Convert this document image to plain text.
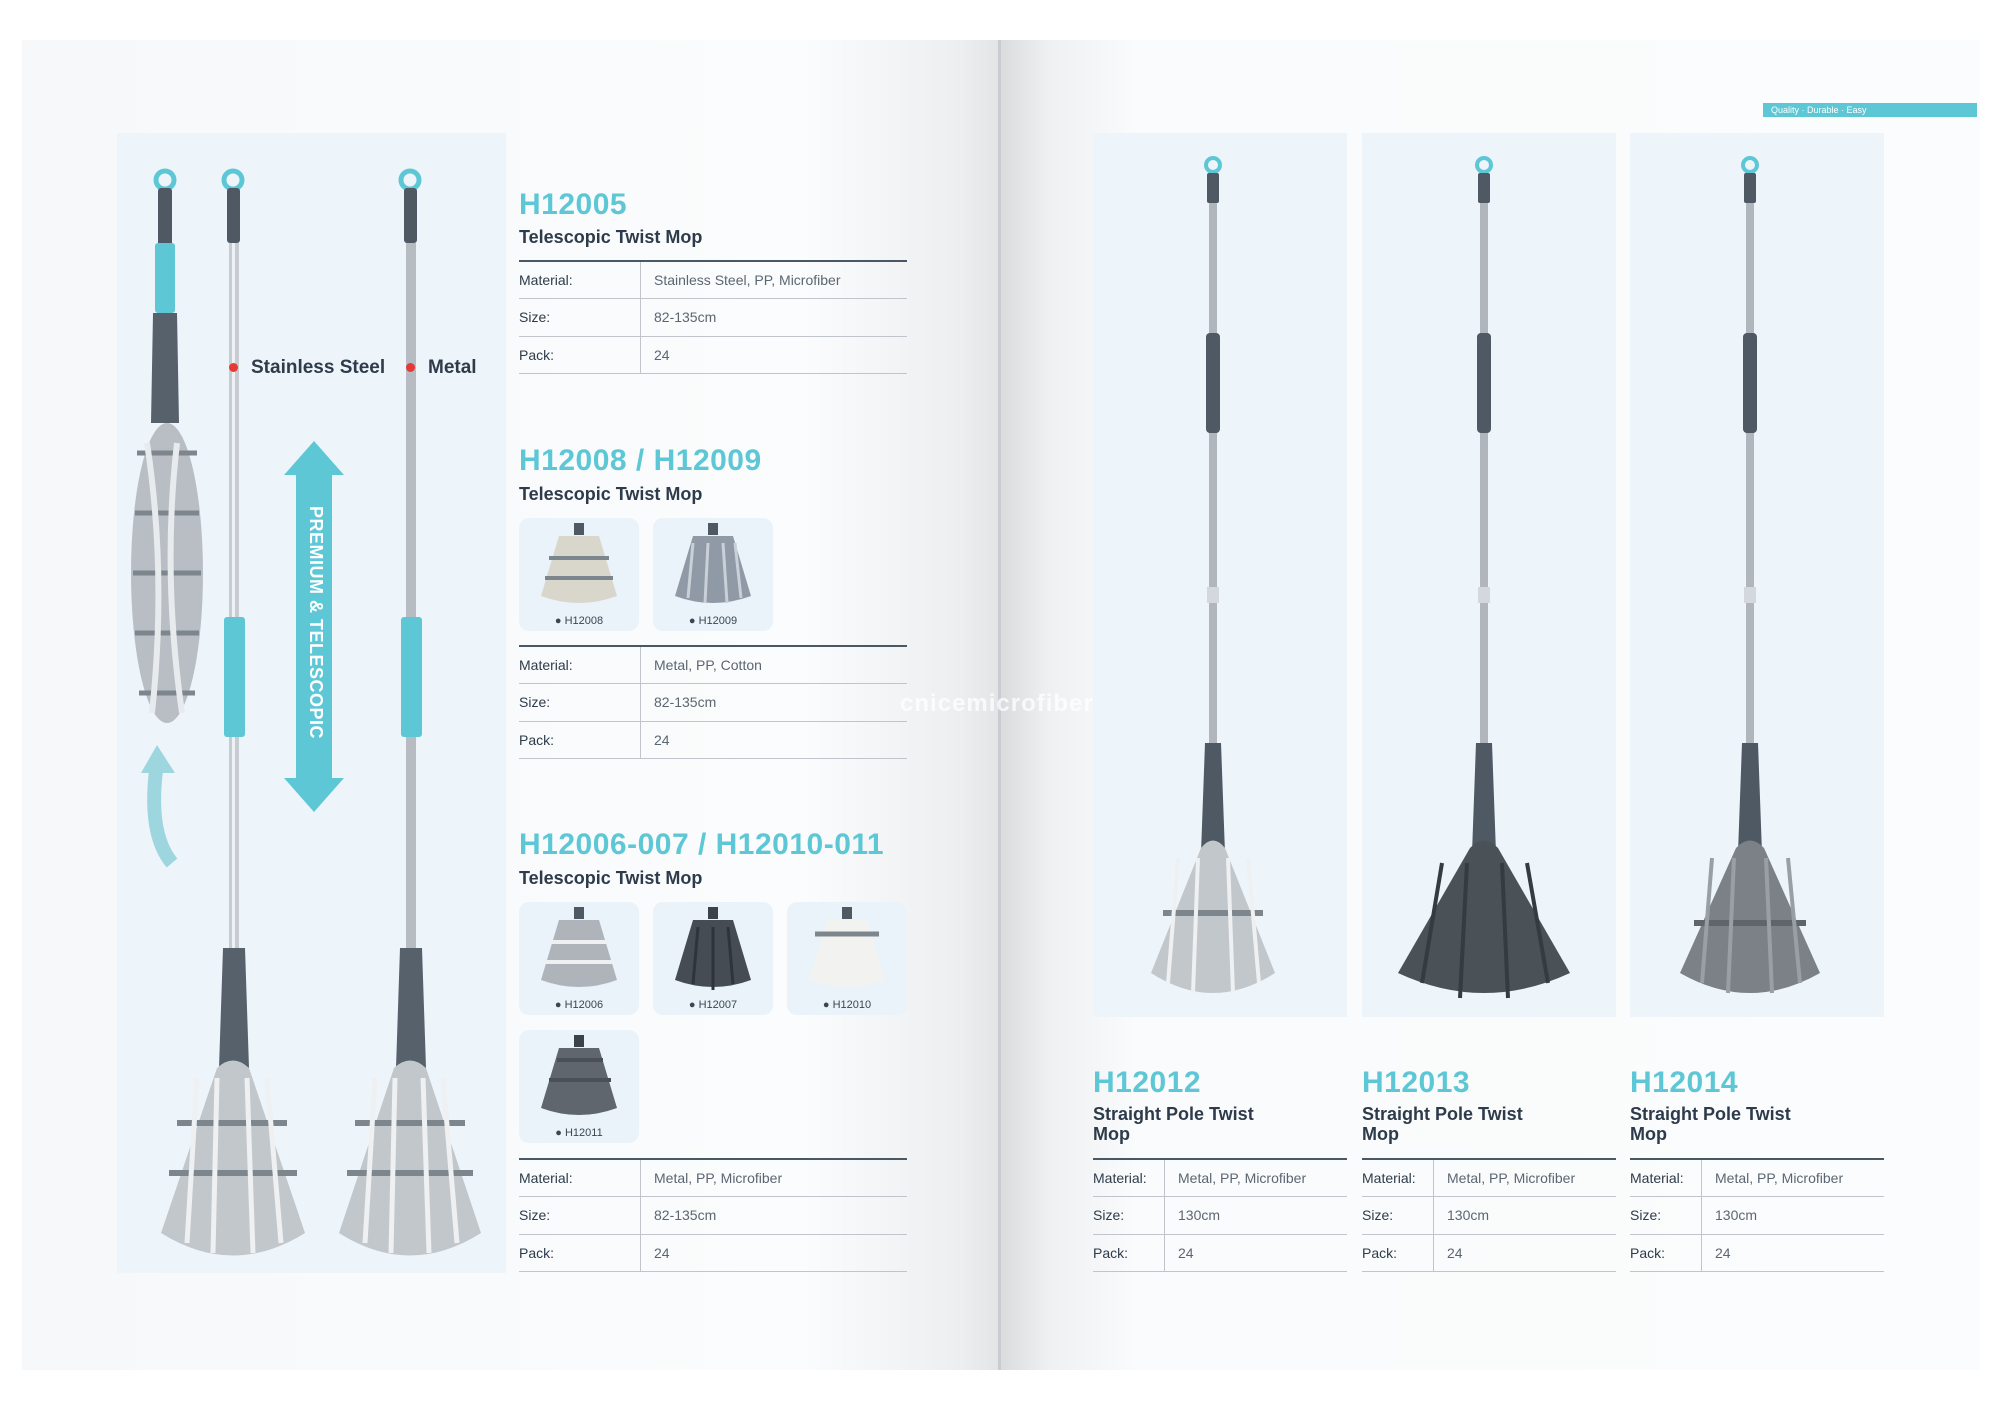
Quality · Durable · Easy
Stainless Steel Metal
PREMIUM & TELESCOPIC
H12005
Telescopic Twist Mop
Material:	Stainless Steel, PP, Microfiber
Size:	82-135cm
Pack:	24
H12008 / H12009
Telescopic Twist Mop
● H12008	● H12009
Material:	Metal, PP, Cotton
Size:	82-135cm
Pack:	24
H12006-007 / H12010-011
Telescopic Twist Mop
● H12006	● H12007	● H12010
● H12011
Material:	Metal, PP, Microfiber
Size:	82-135cm
Pack:	24
H12012
Straight Pole Twist Mop
Material:	Metal, PP, Microfiber
Size:	130cm
Pack:	24
H12013
Straight Pole Twist Mop
Material:	Metal, PP, Microfiber
Size:	130cm
Pack:	24
H12014
Straight Pole Twist Mop
Material:	Metal, PP, Microfiber
Size:	130cm
Pack:	24
cnicemicrofiber
